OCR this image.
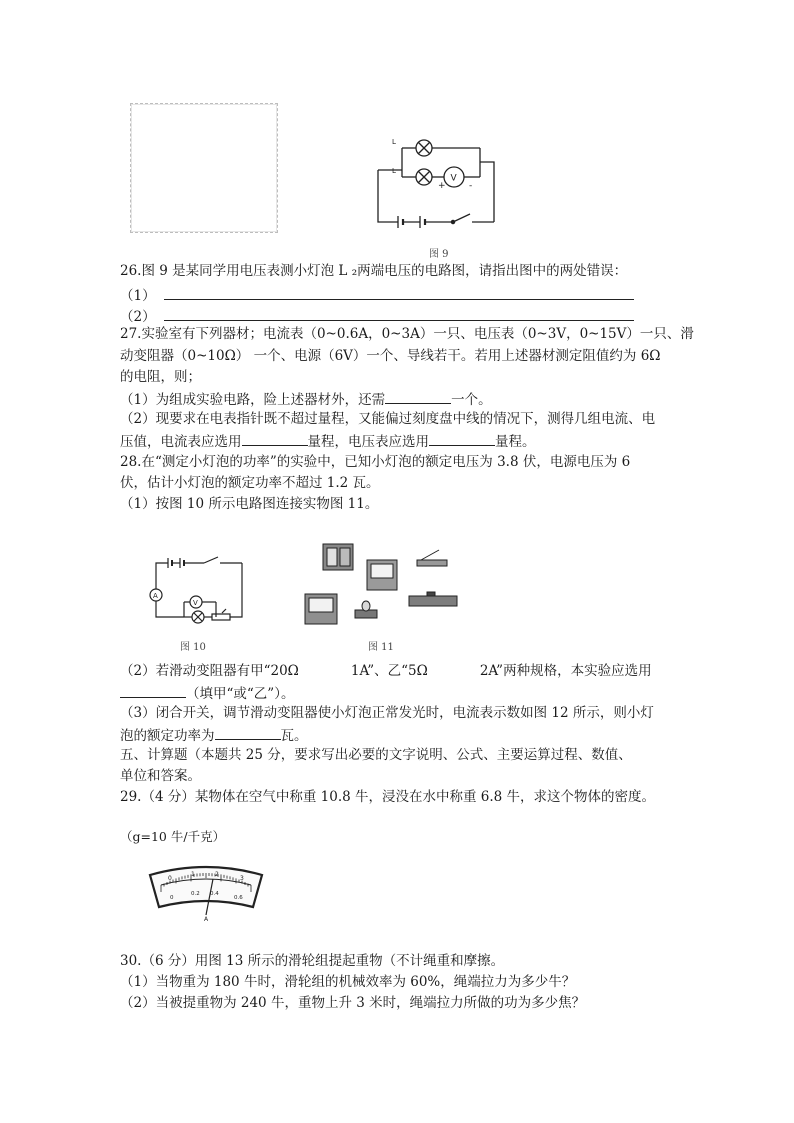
L
L
V
+	-
图 9
26.图 9 是某同学用电压表测小灯泡 L ₂两端电压的电路图，请指出图中的两处错误：
（1）
（2）
27.实验室有下列器材；电流表（0~0.6A，0~3A）一只、电压表（0~3V，0~15V）一只、滑
动变阻器（0~10Ω） 一个、电源（6V）一个、导线若干。若用上述器材测定阻值约为 6Ω
的电阻，则；
（1）为组成实验电路，险上述器材外，还需	一个。
（2）现要求在电表指针既不超过量程，又能偏过刻度盘中线的情况下，测得几组电流、电
压值，电流表应选用	量程，电压表应选用	量程。
28.在“测定小灯泡的功率”的实验中，已知小灯泡的额定电压为 3.8 伏，电源电压为 6
伏，估计小灯泡的额定功率不超过 1.2 瓦。
（1）按图 10 所示电路图连接实物图 11。
A
V
图 10	图 11
（2）若滑动变阻器有甲“20Ω	1A”、乙“5Ω	2A”两种规格，本实验应选用
（填甲“或“乙”）。
（3）闭合开关，调节滑动变阻器使小灯泡正常发光时，电流表示数如图 12 所示，则小灯
泡的额定功率为	瓦。
五、计算题（本题共 25 分，要求写出必要的文字说明、公式、主要运算过程、数值、
单位和答案。
29.（4 分）某物体在空气中称重 10.8 牛，浸没在水中称重 6.8 牛，求这个物体的密度。
（g=10 牛/千克）
A
0
1	2
3
0
0.2 0.4
0.6
30.（6 分）用图 13 所示的滑轮组提起重物（不计绳重和摩擦。
（1）当物重为 180 牛时，滑轮组的机械效率为 60%，绳端拉力为多少牛？
（2）当被提重物为 240 牛，重物上升 3 米时，绳端拉力所做的功为多少焦？
